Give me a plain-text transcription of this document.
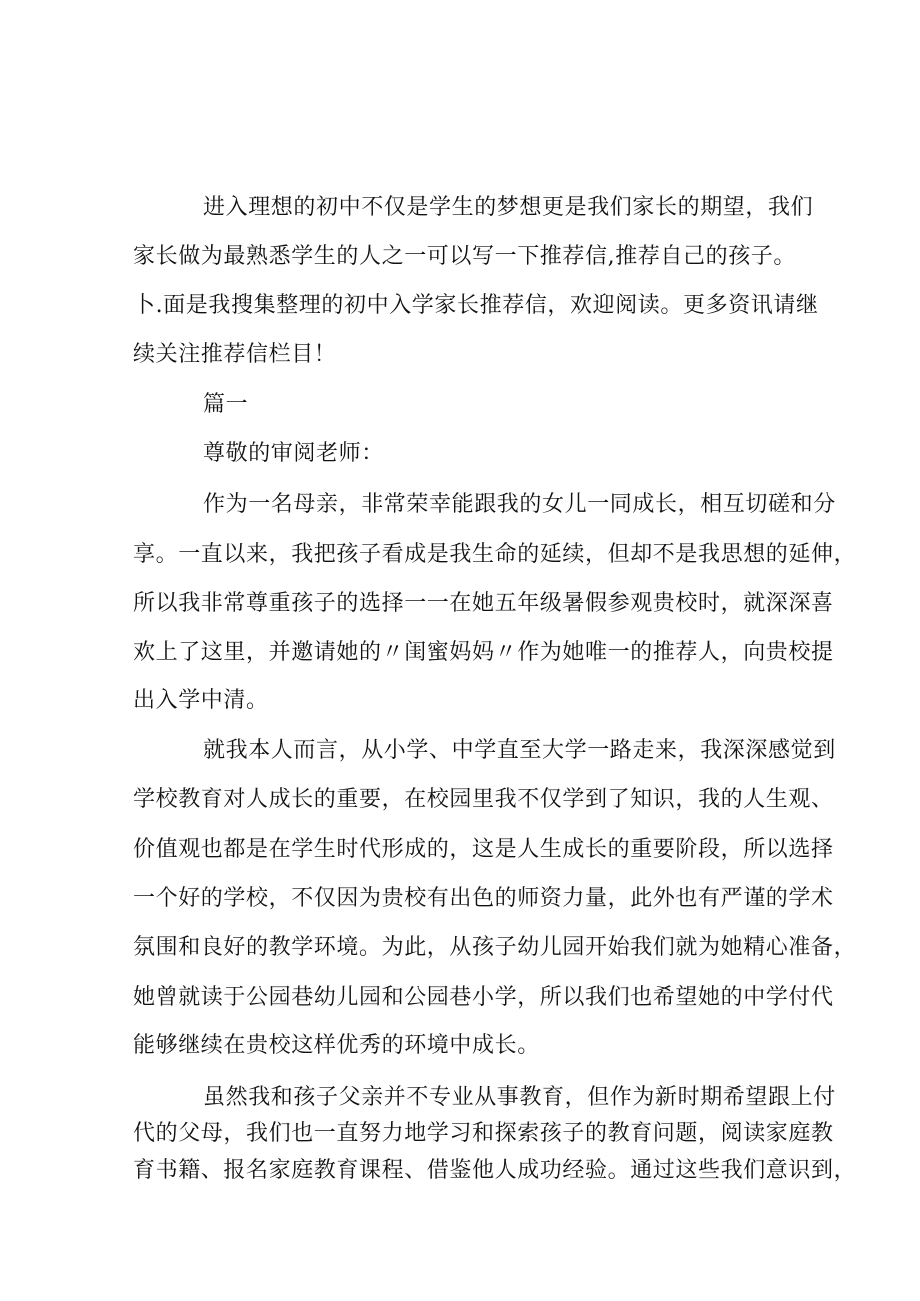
进入理想的初中不仅是学生的梦想更是我们家长的期望，我们
家长做为最熟悉学生的人之一可以写一下推荐信,推荐自己的孩子。
卜.面是我搜集整理的初中入学家长推荐信，欢迎阅读。更多资讯请继
续关注推荐信栏目！
篇一
尊敬的审阅老师：
作为一名母亲，非常荣幸能跟我的女儿一同成长，相互切磋和分
享。一直以来，我把孩子看成是我生命的延续，但却不是我思想的延伸，
所以我非常尊重孩子的选择一一在她五年级暑假参观贵校时，就深深喜
欢上了这里，并邀请她的〃闺蜜妈妈〃作为她唯一的推荐人，向贵校提
出入学中清。
就我本人而言，从小学、中学直至大学一路走来，我深深感觉到
学校教育对人成长的重要，在校园里我不仅学到了知识，我的人生观、
价值观也都是在学生时代形成的，这是人生成长的重要阶段，所以选择
一个好的学校，不仅因为贵校有出色的师资力量，此外也有严谨的学术
氛围和良好的教学环境。为此，从孩子幼儿园开始我们就为她精心准备，
她曾就读于公园巷幼儿园和公园巷小学，所以我们也希望她的中学付代
能够继续在贵校这样优秀的环境中成长。
虽然我和孩子父亲并不专业从事教育，但作为新时期希望跟上付
代的父母，我们也一直努力地学习和探索孩子的教育问题，阅读家庭教
育书籍、报名家庭教育课程、借鉴他人成功经验。通过这些我们意识到，
